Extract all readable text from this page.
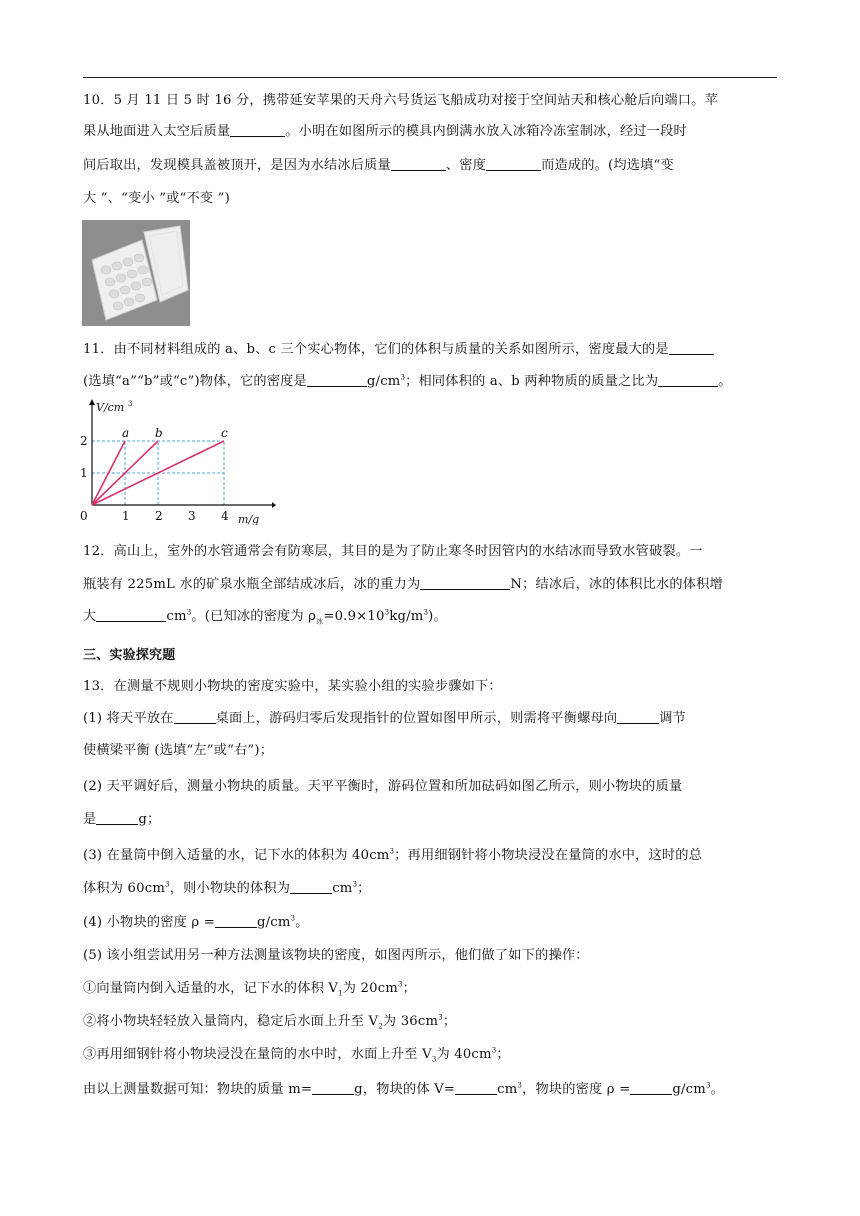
10．5 月 11 日 5 时 16 分，携带延安苹果的天舟六号货运飞船成功对接于空间站天和核心舱后向端口。苹
果从地面进入太空后质量	。小明在如图所示的模具内倒满水放入冰箱冷冻室制冰，经过一段时
间后取出，发现模具盖被顶开，是因为水结冰后质量	、密度	而造成的。(均选填“变
大 ”、“变小 ”或“不变 ”)
11．由不同材料组成的 a、b、c 三个实心物体，它们的体积与质量的关系如图所示，密度最大的是
(选填“a”“b”或“c”)物体，它的密度是	$g/cm^3$；相同体积的 a、b 两种物质的质量之比为	。
a b	c
1 2 3 4
1
2
0
V/cm 3
m/g
12．高山上，室外的水管通常会有防寒层，其目的是为了防止寒冬时因管内的水结冰而导致水管破裂。一
瓶装有 225mL 水的矿泉水瓶全部结成冰后，冰的重力为	N；结冰后，冰的体积比水的体积增
大	$cm^3$。(已知冰的密度为 $\rho_冰=0.9\times 10^3kg/m^3$)。
三、实验探究题
13．在测量不规则小物块的密度实验中，某实验小组的实验步骤如下：
(1) 将天平放在	桌面上，游码归零后发现指针的位置如图甲所示，则需将平衡螺母向	调节
使横梁平衡 (选填“左”或“右”)；
(2) 天平调好后，测量小物块的质量。天平平衡时，游码位置和所加砝码如图乙所示，则小物块的质量
是	g；
(3) 在量筒中倒入适量的水，记下水的体积为 $40cm^3$；再用细钢针将小物块浸没在量筒的水中，这时的总
体积为 $60cm^3$，则小物块的体积为	$cm^3$；
(4) 小物块的密度 ρ =	$g/cm^3$。
(5) 该小组尝试用另一种方法测量该物块的密度，如图丙所示，他们做了如下的操作：
①向量筒内倒入适量的水，记下水的体积 $V_1$为 $20cm^3$；
②将小物块轻轻放入量筒内，稳定后水面上升至 $V_2$为 $36cm^3$；
③再用细钢针将小物块浸没在量筒的水中时，水面上升至 $V_3$为 $40cm^3$；
由以上测量数据可知：物块的质量 m=	g，物块的体 V=	$cm^3$，物块的密度 ρ =	$g/cm^3$。
